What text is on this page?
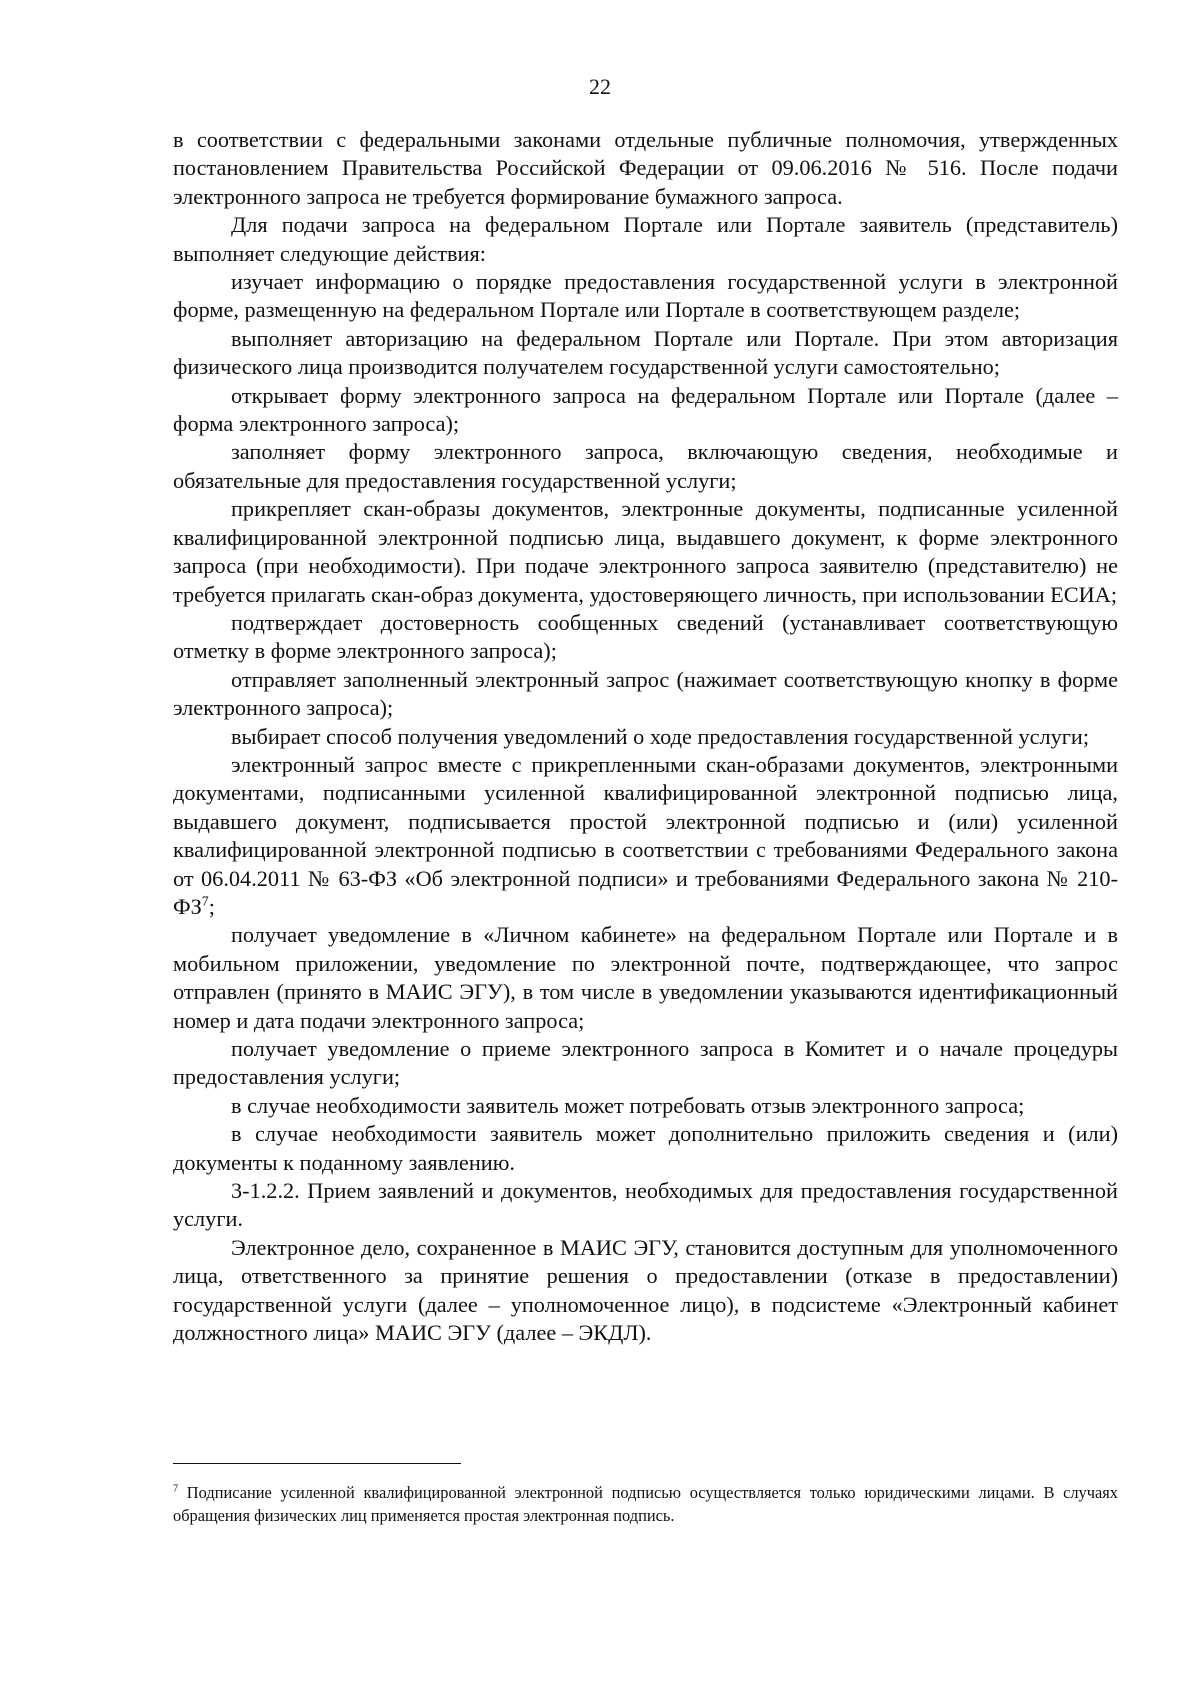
22

в соответствии с федеральными законами отдельные публичные полномочия, утвержденных постановлением Правительства Российской Федерации от 09.06.2016 № 516. После подачи электронного запроса не требуется формирование бумажного запроса.

Для подачи запроса на федеральном Портале или Портале заявитель (представитель) выполняет следующие действия:

изучает информацию о порядке предоставления государственной услуги в электронной форме, размещенную на федеральном Портале или Портале в соответствующем разделе;

выполняет авторизацию на федеральном Портале или Портале. При этом авторизация физического лица производится получателем государственной услуги самостоятельно;

открывает форму электронного запроса на федеральном Портале или Портале (далее – форма электронного запроса);

заполняет форму электронного запроса, включающую сведения, необходимые и обязательные для предоставления государственной услуги;

прикрепляет скан-образы документов, электронные документы, подписанные усиленной квалифицированной электронной подписью лица, выдавшего документ, к форме электронного запроса (при необходимости). При подаче электронного запроса заявителю (представителю) не требуется прилагать скан-образ документа, удостоверяющего личность, при использовании ЕСИА;

подтверждает достоверность сообщенных сведений (устанавливает соответствующую отметку в форме электронного запроса);

отправляет заполненный электронный запрос (нажимает соответствующую кнопку в форме электронного запроса);

выбирает способ получения уведомлений о ходе предоставления государственной услуги;

электронный запрос вместе с прикрепленными скан-образами документов, электронными документами, подписанными усиленной квалифицированной электронной подписью лица, выдавшего документ, подписывается простой электронной подписью и (или) усиленной квалифицированной электронной подписью в соответствии с требованиями Федерального закона от 06.04.2011 № 63-ФЗ «Об электронной подписи» и требованиями Федерального закона № $210-ФЗ^7$;

получает уведомление в «Личном кабинете» на федеральном Портале или Портале и в мобильном приложении, уведомление по электронной почте, подтверждающее, что запрос отправлен (принято в МАИС ЭГУ), в том числе в уведомлении указываются идентификационный номер и дата подачи электронного запроса;

получает уведомление о приеме электронного запроса в Комитет и о начале процедуры предоставления услуги;

в случае необходимости заявитель может потребовать отзыв электронного запроса;

в случае необходимости заявитель может дополнительно приложить сведения и (или) документы к поданному заявлению.

3-1.2.2. Прием заявлений и документов, необходимых для предоставления государственной услуги.

Электронное дело, сохраненное в МАИС ЭГУ, становится доступным для уполномоченного лица, ответственного за принятие решения о предоставлении (отказе в предоставлении) государственной услуги (далее – уполномоченное лицо), в подсистеме «Электронный кабинет должностного лица» МАИС ЭГУ (далее – ЭКДЛ).

$^7$ Подписание усиленной квалифицированной электронной подписью осуществляется только юридическими лицами. В случаях обращения физических лиц применяется простая электронная подпись.
